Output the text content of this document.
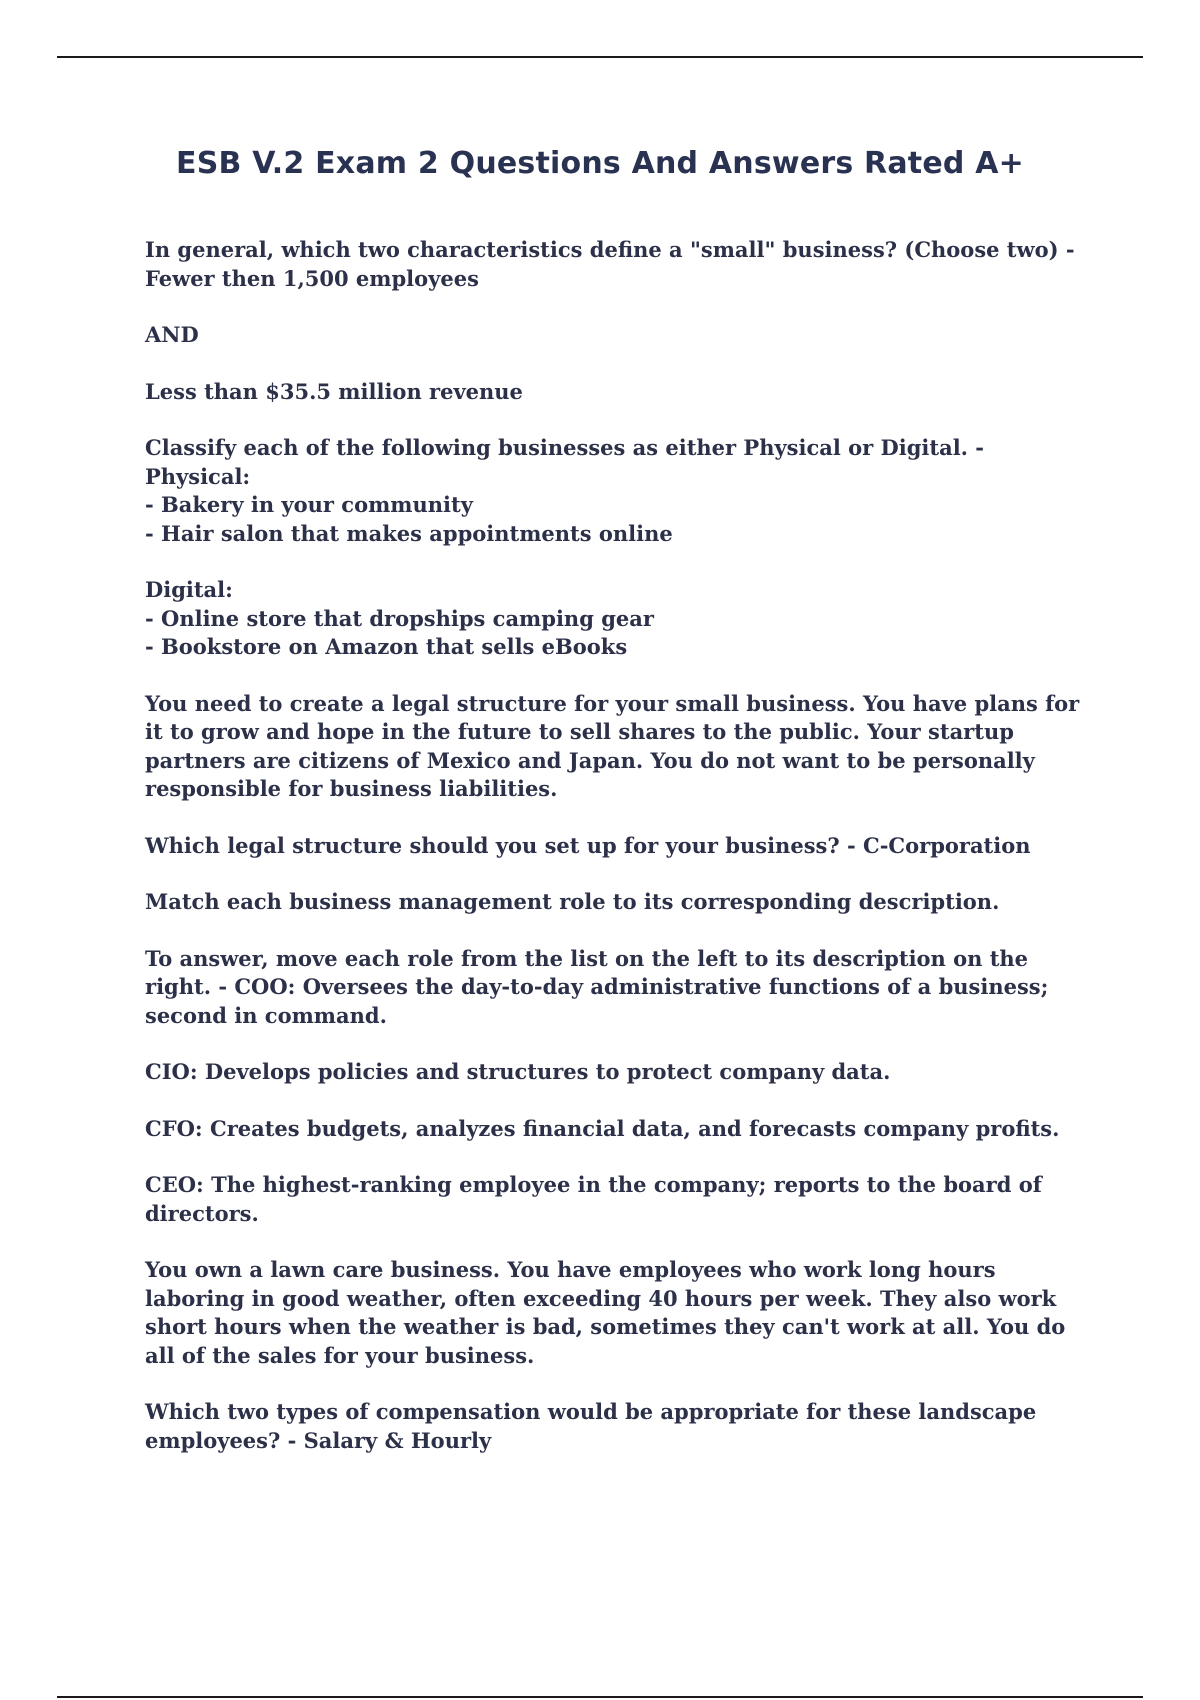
ESB V.2 Exam 2 Questions And Answers Rated A+

In general, which two characteristics define a "small" business? (Choose two) - Fewer then 1,500 employees

AND

Less than $35.5 million revenue

Classify each of the following businesses as either Physical or Digital. - Physical:
- Bakery in your community
- Hair salon that makes appointments online

Digital:
- Online store that dropships camping gear
- Bookstore on Amazon that sells eBooks

You need to create a legal structure for your small business. You have plans for it to grow and hope in the future to sell shares to the public. Your startup partners are citizens of Mexico and Japan. You do not want to be personally responsible for business liabilities.

Which legal structure should you set up for your business? - C-Corporation

Match each business management role to its corresponding description.

To answer, move each role from the list on the left to its description on the right. - COO: Oversees the day-to-day administrative functions of a business; second in command.

CIO: Develops policies and structures to protect company data.

CFO: Creates budgets, analyzes financial data, and forecasts company profits.

CEO: The highest-ranking employee in the company; reports to the board of directors.

You own a lawn care business. You have employees who work long hours laboring in good weather, often exceeding 40 hours per week. They also work short hours when the weather is bad, sometimes they can't work at all. You do all of the sales for your business.

Which two types of compensation would be appropriate for these landscape employees? - Salary & Hourly
